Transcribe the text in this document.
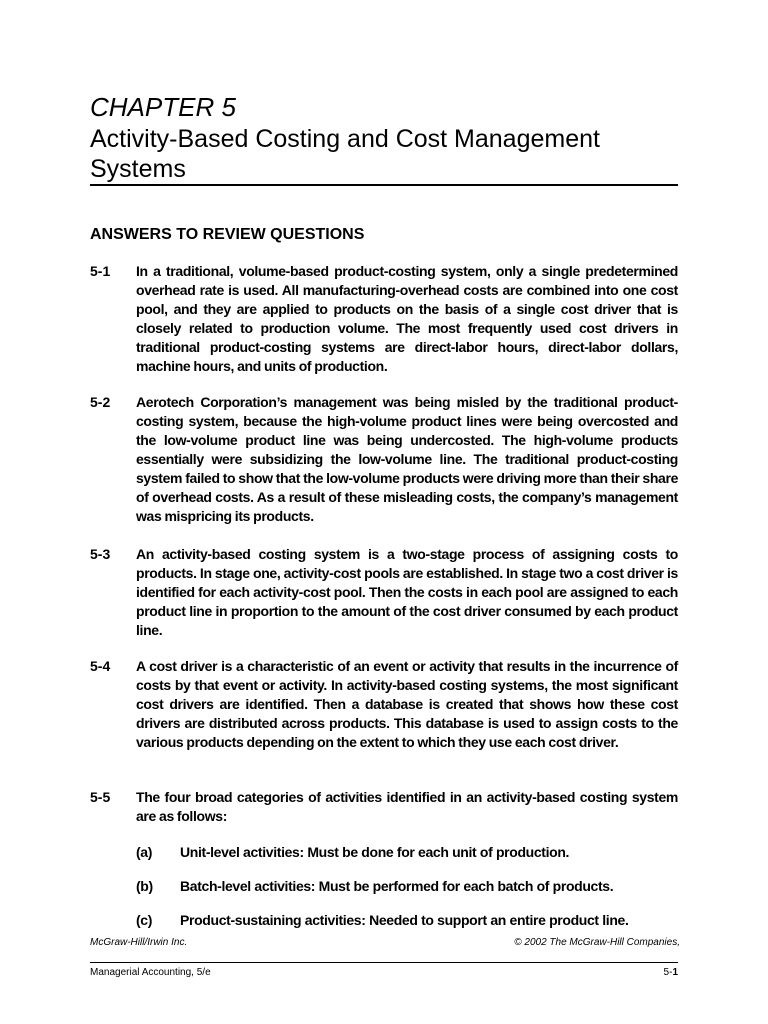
CHAPTER 5
Activity-Based Costing and Cost Management Systems
ANSWERS TO REVIEW QUESTIONS
5-1	In a traditional, volume-based product-costing system, only a single predetermined overhead rate is used. All manufacturing-overhead costs are combined into one cost pool, and they are applied to products on the basis of a single cost driver that is closely related to production volume. The most frequently used cost drivers in traditional product-costing systems are direct-labor hours, direct-labor dollars, machine hours, and units of production.
5-2	Aerotech Corporation’s management was being misled by the traditional product-costing system, because the high-volume product lines were being overcosted and the low-volume product line was being undercosted. The high-volume products essentially were subsidizing the low-volume line. The traditional product-costing system failed to show that the low-volume products were driving more than their share of overhead costs. As a result of these misleading costs, the company’s management was mispricing its products.
5-3	An activity-based costing system is a two-stage process of assigning costs to products. In stage one, activity-cost pools are established. In stage two a cost driver is identified for each activity-cost pool. Then the costs in each pool are assigned to each product line in proportion to the amount of the cost driver consumed by each product line.
5-4	A cost driver is a characteristic of an event or activity that results in the incurrence of costs by that event or activity. In activity-based costing systems, the most significant cost drivers are identified. Then a database is created that shows how these cost drivers are distributed across products. This database is used to assign costs to the various products depending on the extent to which they use each cost driver.
5-5	The four broad categories of activities identified in an activity-based costing system are as follows:
(a) Unit-level activities: Must be done for each unit of production.
(b) Batch-level activities: Must be performed for each batch of products.
(c) Product-sustaining activities: Needed to support an entire product line.
McGraw-Hill/Irwin Inc.	© 2002 The McGraw-Hill Companies,
Managerial Accounting, 5/e	5-1
